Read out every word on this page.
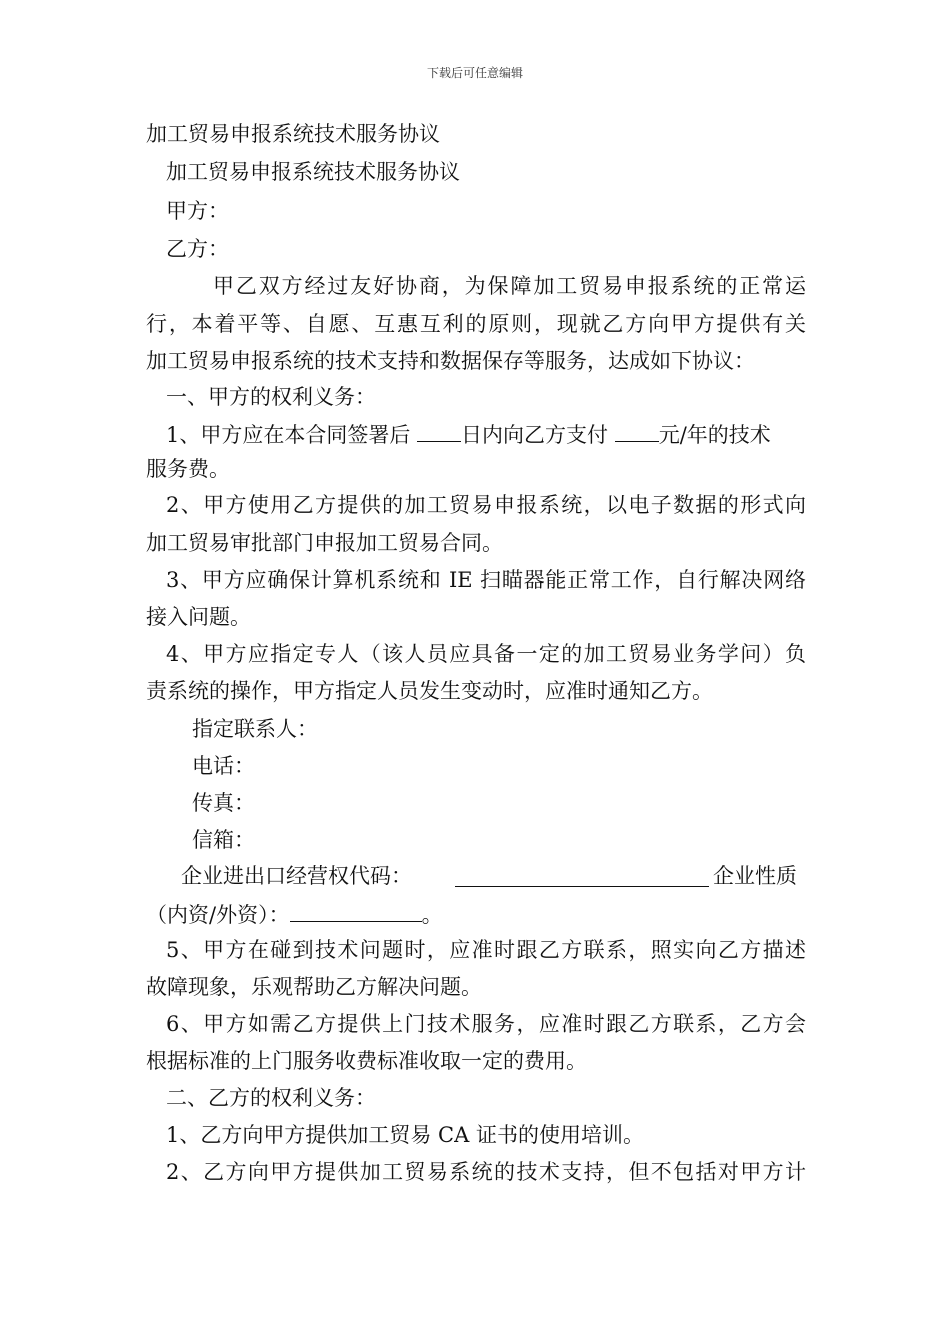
下载后可任意编辑
加工贸易申报系统技术服务协议
加工贸易申报系统技术服务协议
甲方：
乙方：
甲乙双方经过友好协商，为保障加工贸易申报系统的正常运
行，本着平等、自愿、互惠互利的原则，现就乙方向甲方提供有关
加工贸易申报系统的技术支持和数据保存等服务，达成如下协议：
一、甲方的权利义务：
1、甲方应在本合同签署后 日内向乙方支付 元/年的技术
服务费。
2、甲方使用乙方提供的加工贸易申报系统，以电子数据的形式向
加工贸易审批部门申报加工贸易合同。
3、甲方应确保计算机系统和 IE 扫瞄器能正常工作，自行解决网络
接入问题。
4、甲方应指定专人（该人员应具备一定的加工贸易业务学问）负
责系统的操作，甲方指定人员发生变动时，应准时通知乙方。
指定联系人：
电话：
传真：
信箱：
企业进出口经营权代码：	企业性质
（内资/外资）：	。
5、甲方在碰到技术问题时，应准时跟乙方联系，照实向乙方描述
故障现象，乐观帮助乙方解决问题。
6、甲方如需乙方提供上门技术服务，应准时跟乙方联系，乙方会
根据标准的上门服务收费标准收取一定的费用。
二、乙方的权利义务：
1、乙方向甲方提供加工贸易 CA 证书的使用培训。
2、乙方向甲方提供加工贸易系统的技术支持，但不包括对甲方计
